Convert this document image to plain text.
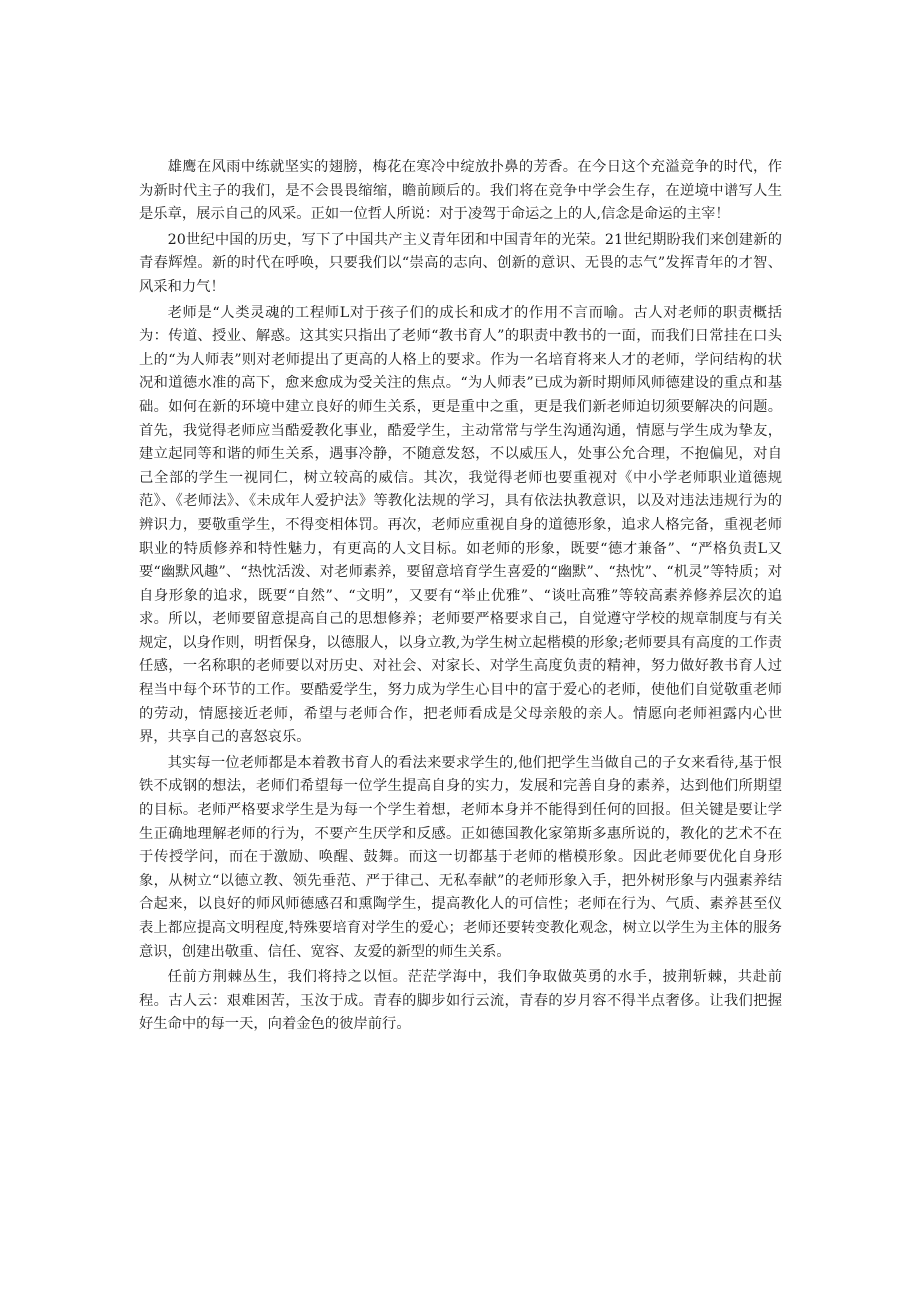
雄鹰在风雨中练就坚实的翅膀，梅花在寒冷中绽放扑鼻的芳香。在今日这个充溢竞争的时代，作为新时代主子的我们，是不会畏畏缩缩，瞻前顾后的。我们将在竞争中学会生存，在逆境中谱写人生是乐章，展示自己的风采。正如一位哲人所说：对于凌驾于命运之上的人,信念是命运的主宰！

20世纪中国的历史，写下了中国共产主义青年团和中国青年的光荣。21世纪期盼我们来创建新的青春辉煌。新的时代在呼唤，只要我们以“崇高的志向、创新的意识、无畏的志气”发挥青年的才智、风采和力气！

老师是“人类灵魂的工程师L对于孩子们的成长和成才的作用不言而喻。古人对老师的职责概括为：传道、授业、解惑。这其实只指出了老师“教书育人”的职责中教书的一面，而我们日常挂在口头上的“为人师表”则对老师提出了更高的人格上的要求。作为一名培育将来人才的老师，学问结构的状况和道德水准的高下，愈来愈成为受关注的焦点。“为人师表”已成为新时期师风师德建设的重点和基础。如何在新的环境中建立良好的师生关系，更是重中之重，更是我们新老师迫切须要解决的问题。首先，我觉得老师应当酷爱教化事业，酷爱学生，主动常常与学生沟通沟通，情愿与学生成为挚友，建立起同等和谐的师生关系，遇事冷静，不随意发怒，不以威压人，处事公允合理，不抱偏见，对自己全部的学生一视同仁，树立较高的威信。其次，我觉得老师也要重视对《中小学老师职业道德规范》、《老师法》、《未成年人爱护法》等教化法规的学习，具有依法执教意识，以及对违法违规行为的辨识力，要敬重学生，不得变相体罚。再次，老师应重视自身的道德形象，追求人格完备，重视老师职业的特质修养和特性魅力，有更高的人文目标。如老师的形象，既要“德才兼备”、“严格负责L又要“幽默风趣”、“热忱活泼、对老师素养，要留意培育学生喜爱的“幽默”、“热忱”、“机灵”等特质；对自身形象的追求，既要“自然”、“文明”，又要有“举止优雅”、“谈吐高雅”等较高素养修养层次的追求。所以，老师要留意提高自己的思想修养；老师要严格要求自己，自觉遵守学校的规章制度与有关规定，以身作则，明哲保身，以德服人，以身立教,为学生树立起楷模的形象;老师要具有高度的工作责任感，一名称职的老师要以对历史、对社会、对家长、对学生高度负责的精神，努力做好教书育人过程当中每个环节的工作。要酷爱学生，努力成为学生心目中的富于爱心的老师，使他们自觉敬重老师的劳动，情愿接近老师，希望与老师合作，把老师看成是父母亲般的亲人。情愿向老师袒露内心世界，共享自己的喜怒哀乐。

其实每一位老师都是本着教书育人的看法来要求学生的,他们把学生当做自己的子女来看待,基于恨铁不成钢的想法，老师们希望每一位学生提高自身的实力，发展和完善自身的素养，达到他们所期望的目标。老师严格要求学生是为每一个学生着想，老师本身并不能得到任何的回报。但关键是要让学生正确地理解老师的行为，不要产生厌学和反感。正如德国教化家第斯多惠所说的，教化的艺术不在于传授学问，而在于激励、唤醒、鼓舞。而这一切都基于老师的楷模形象。因此老师要优化自身形象，从树立“以德立教、领先垂范、严于律己、无私奉献”的老师形象入手，把外树形象与内强素养结合起来，以良好的师风师德感召和熏陶学生，提高教化人的可信性；老师在行为、气质、素养甚至仪表上都应提高文明程度,特殊要培育对学生的爱心；老师还要转变教化观念，树立以学生为主体的服务意识，创建出敬重、信任、宽容、友爱的新型的师生关系。

任前方荆棘丛生，我们将持之以恒。茫茫学海中，我们争取做英勇的水手，披荆斩棘，共赴前程。古人云：艰难困苦，玉汝于成。青春的脚步如行云流，青春的岁月容不得半点奢侈。让我们把握好生命中的每一天，向着金色的彼岸前行。
